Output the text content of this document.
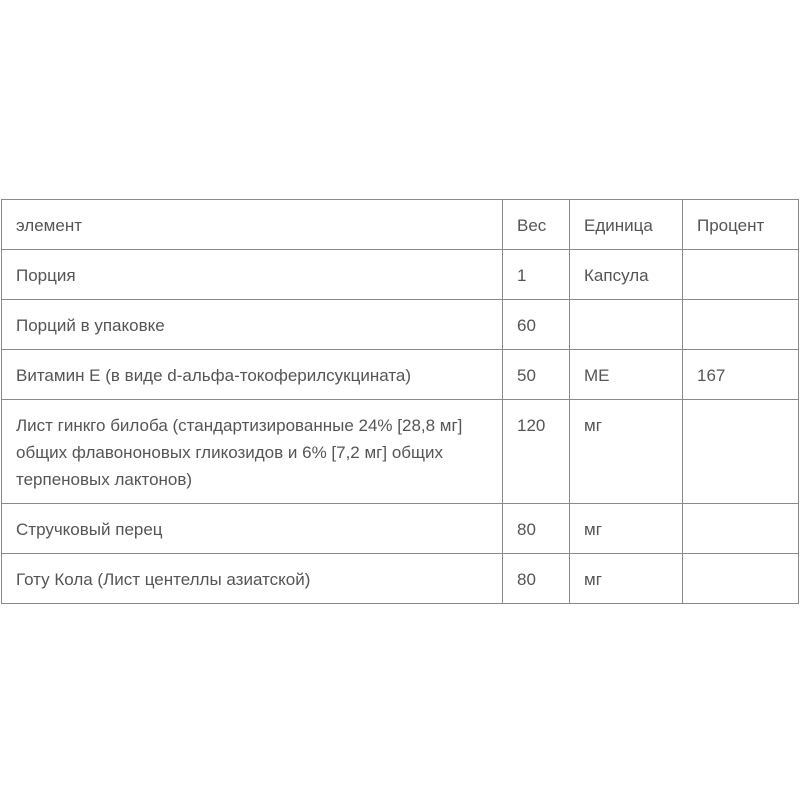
элемент	Вес	Единица	Процент
Порция	1	Капсула	
Порций в упаковке	60		
Витамин Е (в виде d-альфа-токоферилсукцината)	50	МЕ	167
Лист гинкго билоба (стандартизированные 24% [28,8 мг] общих флавононовых гликозидов и 6% [7,2 мг] общих терпеновых лактонов)	120	мг	
Стручковый перец	80	мг	
Готу Кола (Лист центеллы азиатской)	80	мг	
